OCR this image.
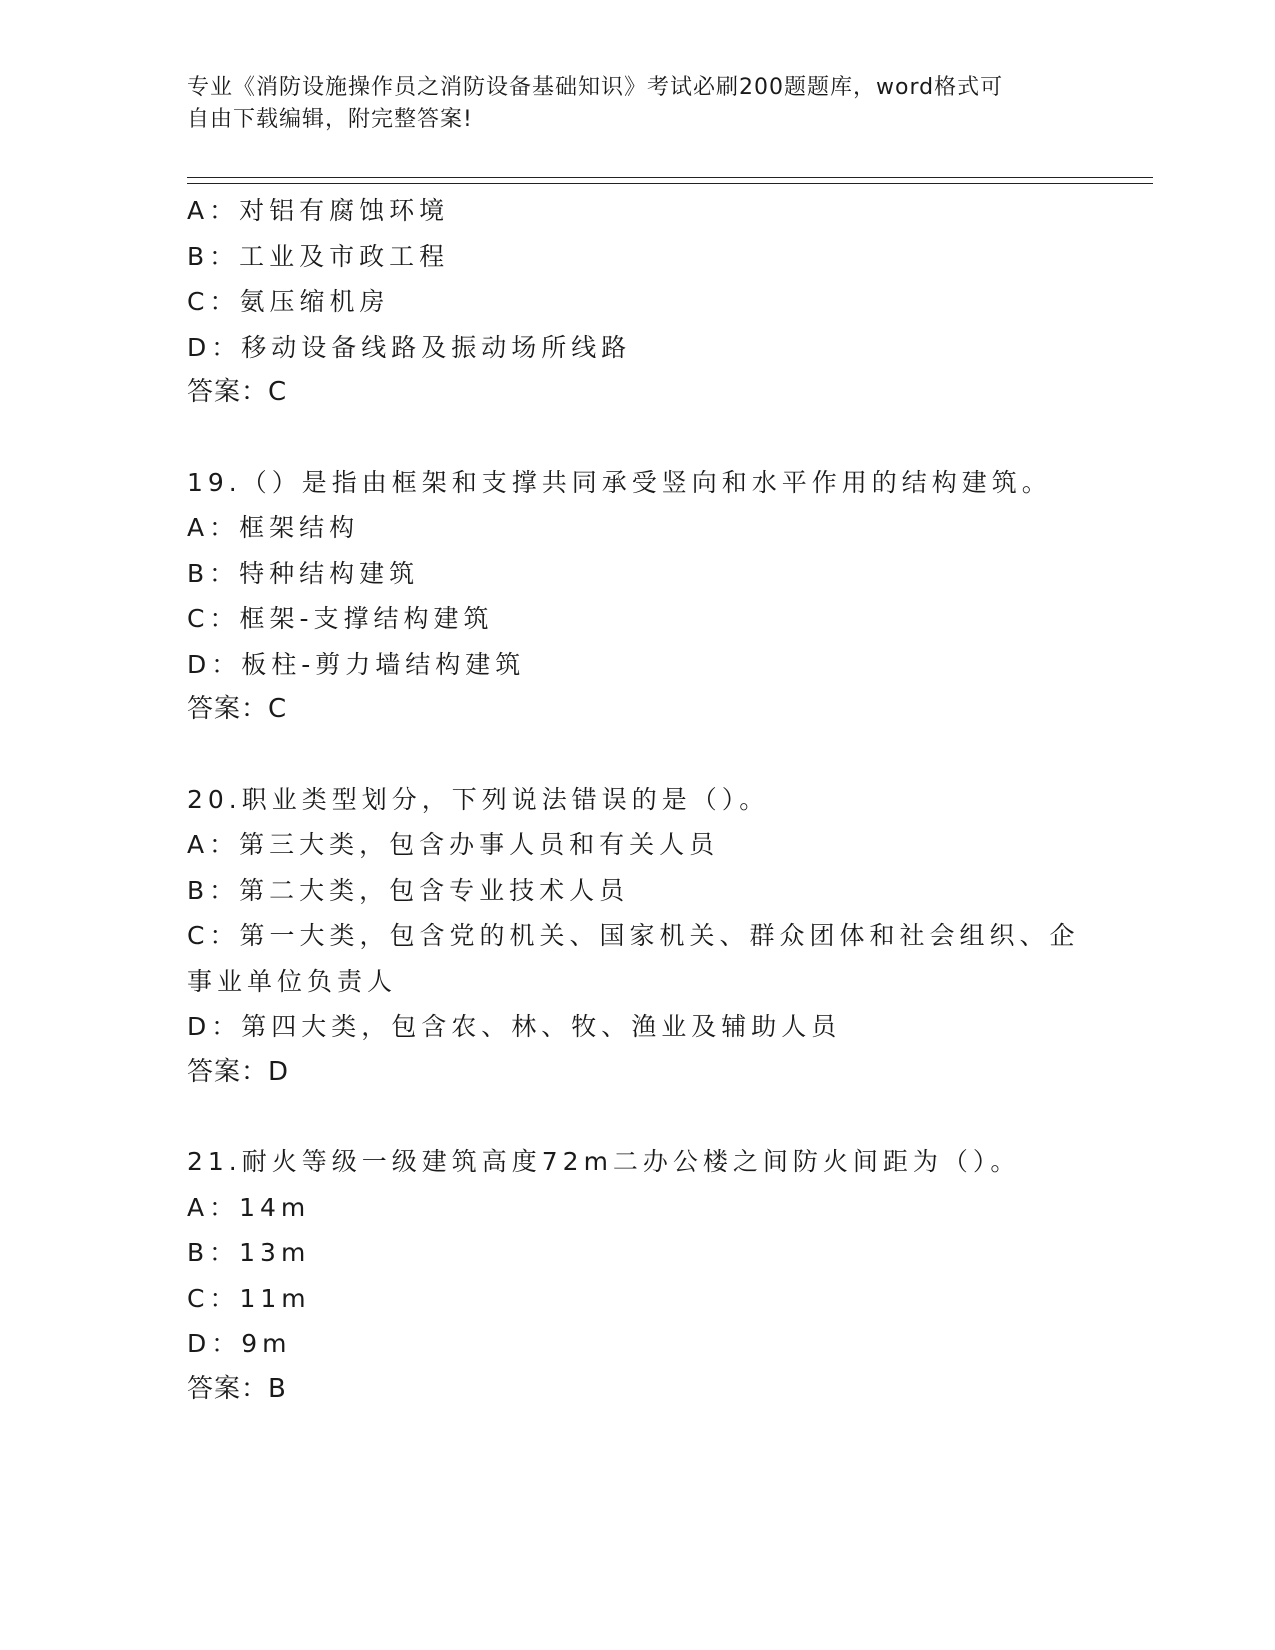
专业《消防设施操作员之消防设备基础知识》考试必刷200题题库，word格式可
自由下载编辑，附完整答案!
A：对铝有腐蚀环境
B：工业及市政工程
C：氨压缩机房
D：移动设备线路及振动场所线路
答案：C
19.（）是指由框架和支撑共同承受竖向和水平作用的结构建筑。
A：框架结构
B：特种结构建筑
C：框架-支撑结构建筑
D：板柱-剪力墙结构建筑
答案：C
20.职业类型划分，下列说法错误的是（）。
A：第三大类，包含办事人员和有关人员
B：第二大类，包含专业技术人员
C：第一大类，包含党的机关、国家机关、群众团体和社会组织、企事业单位负责人
D：第四大类，包含农、林、牧、渔业及辅助人员
答案：D
21.耐火等级一级建筑高度72m二办公楼之间防火间距为（）。
A：14m
B：13m
C：11m
D：9m
答案：B
